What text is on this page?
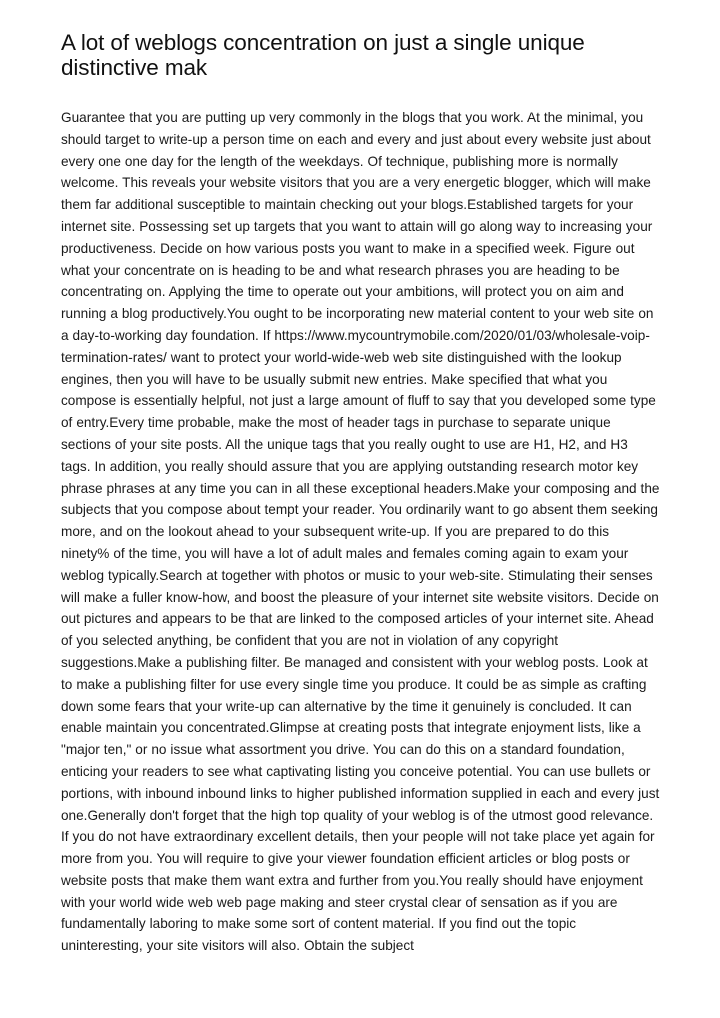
A lot of weblogs concentration on just a single unique distinctive mak

Guarantee that you are putting up very commonly in the blogs that you work. At the minimal, you should target to write-up a person time on each and every and just about every website just about every one one day for the length of the weekdays. Of technique, publishing more is normally welcome. This reveals your website visitors that you are a very energetic blogger, which will make them far additional susceptible to maintain checking out your blogs.Established targets for your internet site. Possessing set up targets that you want to attain will go along way to increasing your productiveness. Decide on how various posts you want to make in a specified week. Figure out what your concentrate on is heading to be and what research phrases you are heading to be concentrating on. Applying the time to operate out your ambitions, will protect you on aim and running a blog productively.You ought to be incorporating new material content to your web site on a day-to-working day foundation. If https://www.mycountrymobile.com/2020/01/03/wholesale-voip-termination-rates/ want to protect your world-wide-web web site distinguished with the lookup engines, then you will have to be usually submit new entries. Make specified that what you compose is essentially helpful, not just a large amount of fluff to say that you developed some type of entry.Every time probable, make the most of header tags in purchase to separate unique sections of your site posts. All the unique tags that you really ought to use are H1, H2, and H3 tags. In addition, you really should assure that you are applying outstanding research motor key phrase phrases at any time you can in all these exceptional headers.Make your composing and the subjects that you compose about tempt your reader. You ordinarily want to go absent them seeking more, and on the lookout ahead to your subsequent write-up. If you are prepared to do this ninety% of the time, you will have a lot of adult males and females coming again to exam your weblog typically.Search at together with photos or music to your web-site. Stimulating their senses will make a fuller know-how, and boost the pleasure of your internet site website visitors. Decide on out pictures and appears to be that are linked to the composed articles of your internet site. Ahead of you selected anything, be confident that you are not in violation of any copyright suggestions.Make a publishing filter. Be managed and consistent with your weblog posts. Look at to make a publishing filter for use every single time you produce. It could be as simple as crafting down some fears that your write-up can alternative by the time it genuinely is concluded. It can enable maintain you concentrated.Glimpse at creating posts that integrate enjoyment lists, like a "major ten," or no issue what assortment you drive. You can do this on a standard foundation, enticing your readers to see what captivating listing you conceive potential. You can use bullets or portions, with inbound inbound links to higher published information supplied in each and every just one.Generally don't forget that the high top quality of your weblog is of the utmost good relevance. If you do not have extraordinary excellent details, then your people will not take place yet again for more from you. You will require to give your viewer foundation efficient articles or blog posts or website posts that make them want extra and further from you.You really should have enjoyment with your world wide web web page making and steer crystal clear of sensation as if you are fundamentally laboring to make some sort of content material. If you find out the topic uninteresting, your site visitors will also. Obtain the subject
